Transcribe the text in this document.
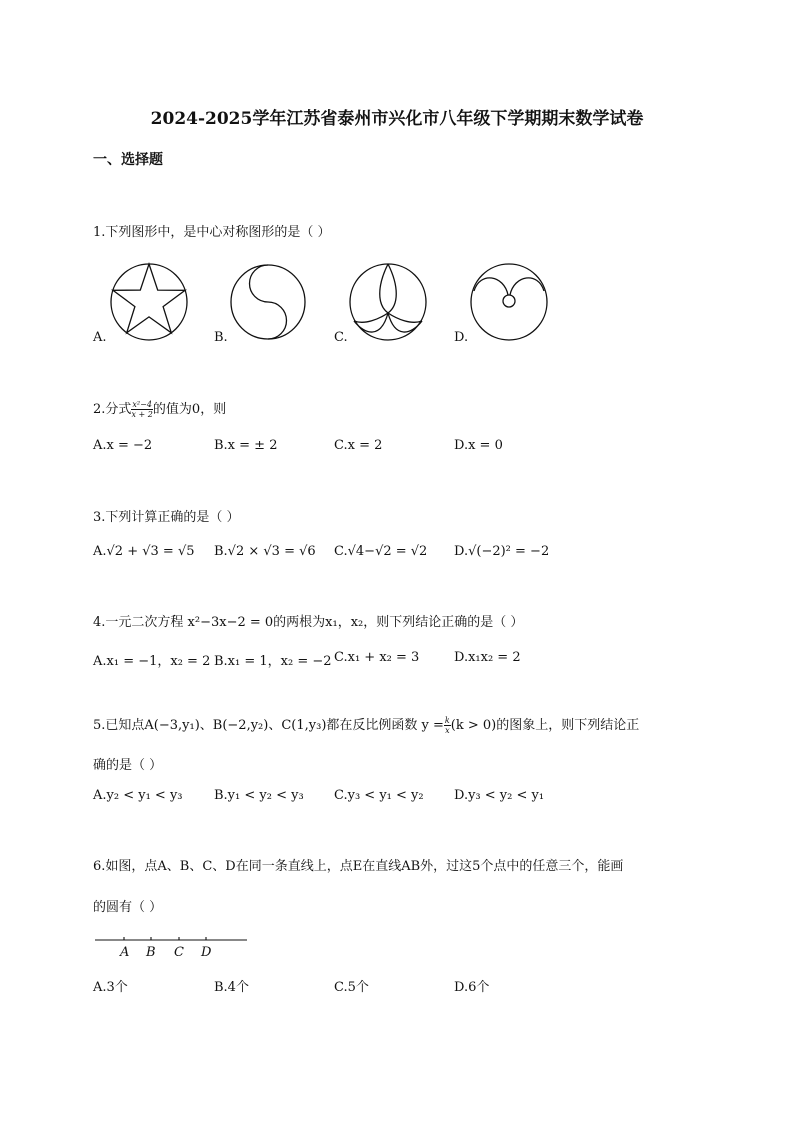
2024-2025学年江苏省泰州市兴化市八年级下学期期末数学试卷
一、选择题
1.下列图形中，是中心对称图形的是（ ）
A.	B.	C.	D.
2.分式 $\frac{\text{x²−4}}{x + 2}$ 的值为0，则
A.x = −2	B.x = ± 2	C.x = 2	D.x = 0
3.下列计算正确的是（ ）
A.√2 + √3 = √5 B.√2 × √3 = √6 C.√4−√2 = √2 D.√(−2)² = −2
4.一元二次方程 x²−3x−2 = 0的两根为x₁，x₂，则下列结论正确的是（ ）
A.x₁ = −1，x₂ = 2 B.x₁ = 1，x₂ = −2 C.x₁ + x₂ = 3	D.x₁x₂ = 2
5.已知点A(−3,y₁)、B(−2,y₂)、C(1,y₃)都在反比例函数 $y = \frac{k}{x} (k > 0)$的图象上，则下列结论正
确的是（ ）
A.y₂ < y₁ < y₃ B.y₁ < y₂ < y₃ C.y₃ < y₁ < y₂ D.y₃ < y₂ < y₁
6.如图，点A、B、C、D在同一条直线上，点E在直线AB外，过这5个点中的任意三个，能画
的圆有（ ）
A B C D
A.3个	B.4个	C.5个	D.6个
